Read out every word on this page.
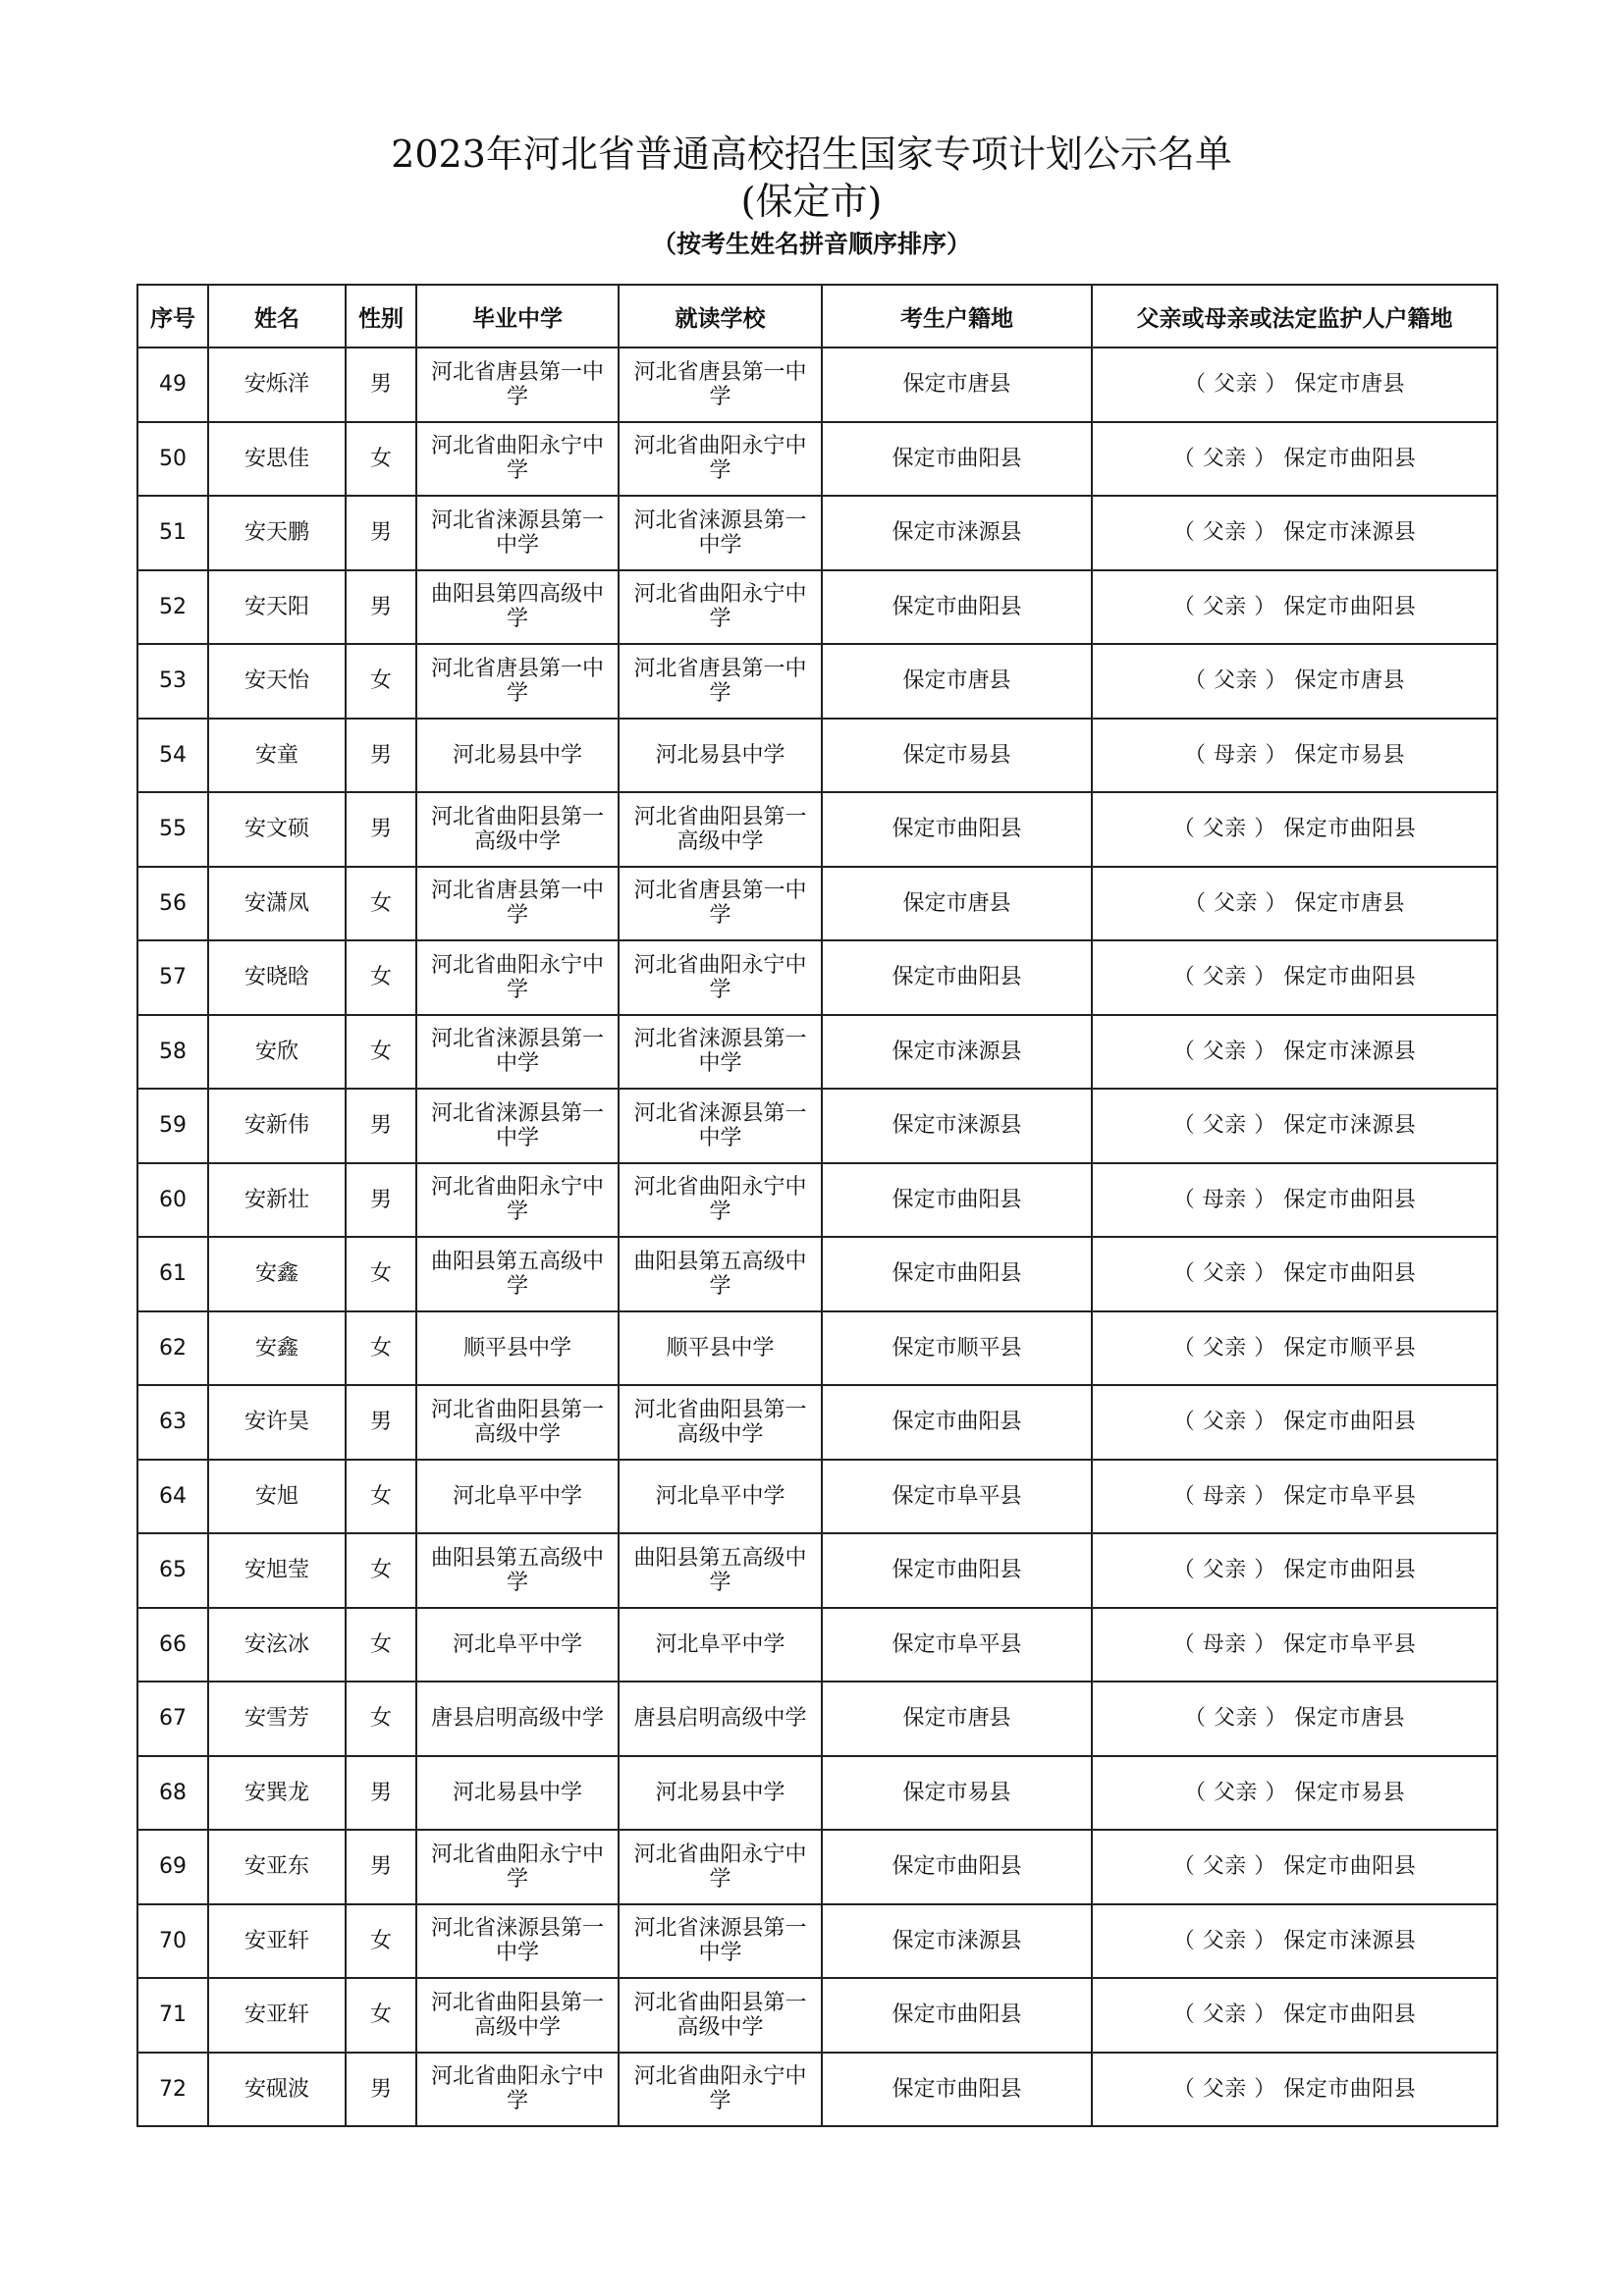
2023年河北省普通高校招生国家专项计划公示名单
(保定市)
（按考生姓名拼音顺序排序）
序号	姓名	性别	毕业中学	就读学校	考生户籍地	父亲或母亲或法定监护人户籍地
49	安烁洋	男	河北省唐县第一中学	河北省唐县第一中学	保定市唐县	（ 父亲 ） 保定市唐县
50	安思佳	女	河北省曲阳永宁中学	河北省曲阳永宁中学	保定市曲阳县	（ 父亲 ） 保定市曲阳县
51	安天鹏	男	河北省涞源县第一中学	河北省涞源县第一中学	保定市涞源县	（ 父亲 ） 保定市涞源县
52	安天阳	男	曲阳县第四高级中学	河北省曲阳永宁中学	保定市曲阳县	（ 父亲 ） 保定市曲阳县
53	安天怡	女	河北省唐县第一中学	河北省唐县第一中学	保定市唐县	（ 父亲 ） 保定市唐县
54	安童	男	河北易县中学	河北易县中学	保定市易县	（ 母亲 ） 保定市易县
55	安文硕	男	河北省曲阳县第一高级中学	河北省曲阳县第一高级中学	保定市曲阳县	（ 父亲 ） 保定市曲阳县
56	安潇凤	女	河北省唐县第一中学	河北省唐县第一中学	保定市唐县	（ 父亲 ） 保定市唐县
57	安晓晗	女	河北省曲阳永宁中学	河北省曲阳永宁中学	保定市曲阳县	（ 父亲 ） 保定市曲阳县
58	安欣	女	河北省涞源县第一中学	河北省涞源县第一中学	保定市涞源县	（ 父亲 ） 保定市涞源县
59	安新伟	男	河北省涞源县第一中学	河北省涞源县第一中学	保定市涞源县	（ 父亲 ） 保定市涞源县
60	安新壮	男	河北省曲阳永宁中学	河北省曲阳永宁中学	保定市曲阳县	（ 母亲 ） 保定市曲阳县
61	安鑫	女	曲阳县第五高级中学	曲阳县第五高级中学	保定市曲阳县	（ 父亲 ） 保定市曲阳县
62	安鑫	女	顺平县中学	顺平县中学	保定市顺平县	（ 父亲 ） 保定市顺平县
63	安许昊	男	河北省曲阳县第一高级中学	河北省曲阳县第一高级中学	保定市曲阳县	（ 父亲 ） 保定市曲阳县
64	安旭	女	河北阜平中学	河北阜平中学	保定市阜平县	（ 母亲 ） 保定市阜平县
65	安旭莹	女	曲阳县第五高级中学	曲阳县第五高级中学	保定市曲阳县	（ 父亲 ） 保定市曲阳县
66	安泫冰	女	河北阜平中学	河北阜平中学	保定市阜平县	（ 母亲 ） 保定市阜平县
67	安雪芳	女	唐县启明高级中学	唐县启明高级中学	保定市唐县	（ 父亲 ） 保定市唐县
68	安巽龙	男	河北易县中学	河北易县中学	保定市易县	（ 父亲 ） 保定市易县
69	安亚东	男	河北省曲阳永宁中学	河北省曲阳永宁中学	保定市曲阳县	（ 父亲 ） 保定市曲阳县
70	安亚轩	女	河北省涞源县第一中学	河北省涞源县第一中学	保定市涞源县	（ 父亲 ） 保定市涞源县
71	安亚轩	女	河北省曲阳县第一高级中学	河北省曲阳县第一高级中学	保定市曲阳县	（ 父亲 ） 保定市曲阳县
72	安砚波	男	河北省曲阳永宁中学	河北省曲阳永宁中学	保定市曲阳县	（ 父亲 ） 保定市曲阳县
